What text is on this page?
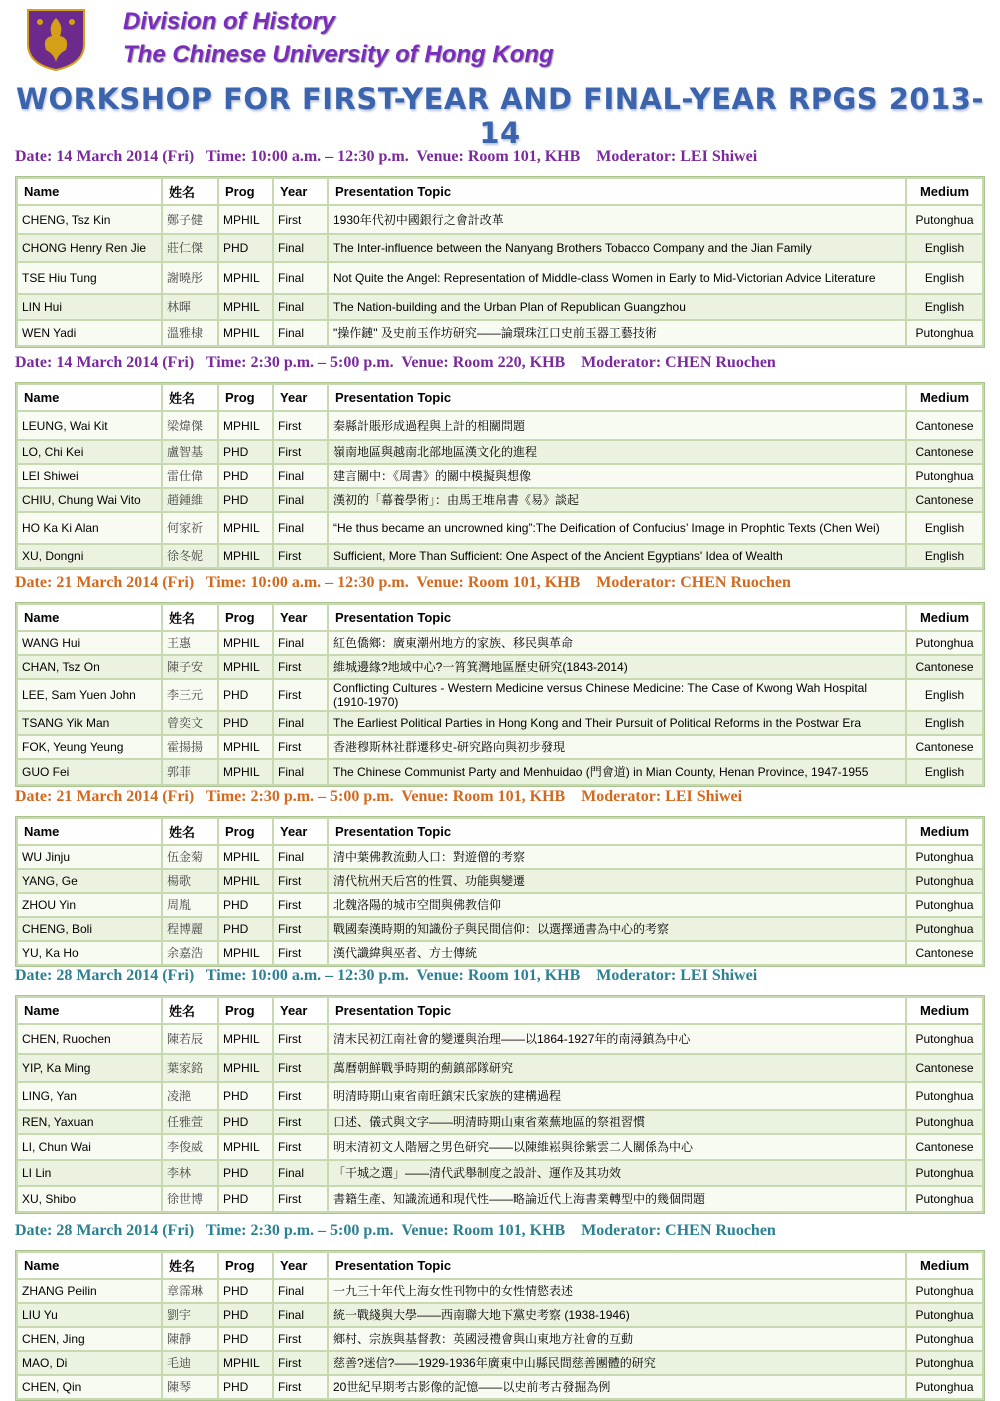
Division of History
The Chinese University of Hong Kong
WORKSHOP FOR FIRST-YEAR AND FINAL-YEAR RPGS 2013-14
Date: 14 March 2014 (Fri)   Time: 10:00 a.m. – 12:30 p.m.  Venue: Room 101, KHB    Moderator: LEI Shiwei
Name	姓名	Prog	Year	Presentation Topic	Medium
CHENG, Tsz Kin	鄭子健	MPHIL	First	1930年代初中國銀行之會計改革	Putonghua
CHONG Henry Ren Jie	莊仁傑	PHD	Final	The Inter-influence between the Nanyang Brothers Tobacco Company and the Jian Family	English
TSE Hiu Tung	謝曉彤	MPHIL	Final	Not Quite the Angel: Representation of Middle-class Women in Early to Mid-Victorian Advice Literature	English
LIN Hui	林暉	MPHIL	Final	The Nation-building and the Urban Plan of Republican Guangzhou	English
WEN Yadi	溫雅棣	MPHIL	Final	"操作鏈" 及史前玉作坊研究——論環珠江口史前玉器工藝技術	Putonghua
Date: 14 March 2014 (Fri)   Time: 2:30 p.m. – 5:00 p.m.  Venue: Room 220, KHB    Moderator: CHEN Ruochen
Name	姓名	Prog	Year	Presentation Topic	Medium
LEUNG, Wai Kit	梁煒傑	MPHIL	First	秦縣計賬形成過程與上計的相關問題	Cantonese
LO, Chi Kei	盧智基	PHD	First	嶺南地區與越南北部地區漢文化的進程	Cantonese
LEI Shiwei	雷仕偉	PHD	Final	建言關中：《周書》的關中模擬與想像	Putonghua
CHIU, Chung Wai Vito	趙鍾維	PHD	Final	漢初的「幕養學術」：由馬王堆帛書《易》談起	Cantonese
HO Ka Ki Alan	何家祈	MPHIL	Final	“He thus became an uncrowned king”:The Deification of Confucius’ Image in Prophtic Texts (Chen Wei)	English
XU, Dongni	徐冬妮	MPHIL	First	Sufficient, More Than Sufficient: One Aspect of the Ancient Egyptians' Idea of Wealth	English
Date: 21 March 2014 (Fri)   Time: 10:00 a.m. – 12:30 p.m.  Venue: Room 101, KHB    Moderator: CHEN Ruochen
Name	姓名	Prog	Year	Presentation Topic	Medium
WANG Hui	王惠	MPHIL	Final	紅色僑鄉：廣東潮州地方的家族、移民與革命	Putonghua
CHAN, Tsz On	陳子安	MPHIL	First	維城邊緣?地域中心?一筲箕灣地區歷史研究(1843-2014)	Cantonese
LEE, Sam Yuen John	李三元	PHD	First	Conflicting Cultures - Western Medicine versus Chinese Medicine: The Case of Kwong Wah Hospital (1910-1970)	English
TSANG Yik Man	曾奕文	PHD	Final	The Earliest Political Parties in Hong Kong and Their Pursuit of Political Reforms in the Postwar Era	English
FOK, Yeung Yeung	霍揚揚	MPHIL	First	香港穆斯林社群遷移史-研究路向與初步發現	Cantonese
GUO Fei	郭菲	MPHIL	Final	The Chinese Communist Party and Menhuidao (門會道) in Mian County, Henan Province, 1947-1955	English
Date: 21 March 2014 (Fri)   Time: 2:30 p.m. – 5:00 p.m.  Venue: Room 101, KHB    Moderator: LEI Shiwei
Name	姓名	Prog	Year	Presentation Topic	Medium
WU Jinju	伍金菊	MPHIL	Final	清中葉佛教流動人口：對遊僧的考察	Putonghua
YANG, Ge	楊歌	MPHIL	First	清代杭州天后宮的性質、功能與變遷	Putonghua
ZHOU Yin	周胤	PHD	First	北魏洛陽的城市空間與佛教信仰	Putonghua
CHENG, Boli	程博麗	PHD	First	戰國秦漢時期的知識份子與民間信仰：以選擇通書為中心的考察	Putonghua
YU, Ka Ho	余嘉浩	MPHIL	First	漢代讖緯與巫者、方士傳統	Cantonese
Date: 28 March 2014 (Fri)   Time: 10:00 a.m. – 12:30 p.m.  Venue: Room 101, KHB    Moderator: LEI Shiwei
Name	姓名	Prog	Year	Presentation Topic	Medium
CHEN, Ruochen	陳若辰	MPHIL	First	清末民初江南社會的變遷與治理——以1864-1927年的南潯鎮為中心	Putonghua
YIP, Ka Ming	葉家銘	MPHIL	First	萬曆朝鮮戰爭時期的薊鎮部隊研究	Cantonese
LING, Yan	凌滟	PHD	First	明清時期山東省南旺鎮宋氏家族的建構過程	Putonghua
REN, Yaxuan	任雅萱	PHD	First	口述、儀式與文字——明清時期山東省萊蕪地區的祭祖習慣	Putonghua
LI, Chun Wai	李俊威	MPHIL	First	明末清初文人階層之男色研究——以陳維崧與徐紫雲二人關係為中心	Cantonese
LI Lin	李林	PHD	Final	「干城之選」——清代武舉制度之設計、運作及其功效	Putonghua
XU, Shibo	徐世博	PHD	First	書籍生產、知識流通和現代性——略論近代上海書業轉型中的幾個問題	Putonghua
Date: 28 March 2014 (Fri)   Time: 2:30 p.m. – 5:00 p.m.  Venue: Room 101, KHB    Moderator: CHEN Ruochen
Name	姓名	Prog	Year	Presentation Topic	Medium
ZHANG Peilin	章霈琳	PHD	Final	一九三十年代上海女性刊物中的女性情慾表述	Putonghua
LIU Yu	劉宇	PHD	Final	統一戰綫與大學——西南聯大地下黨史考察 (1938-1946)	Putonghua
CHEN, Jing	陳靜	PHD	First	鄉村、宗族與基督教：英國浸禮會與山東地方社會的互動	Putonghua
MAO, Di	毛迪	MPHIL	First	慈善?迷信?——1929-1936年廣東中山縣民間慈善團體的研究	Putonghua
CHEN, Qin	陳琴	PHD	First	20世紀早期考古影像的記憶——以史前考古發掘為例	Putonghua
